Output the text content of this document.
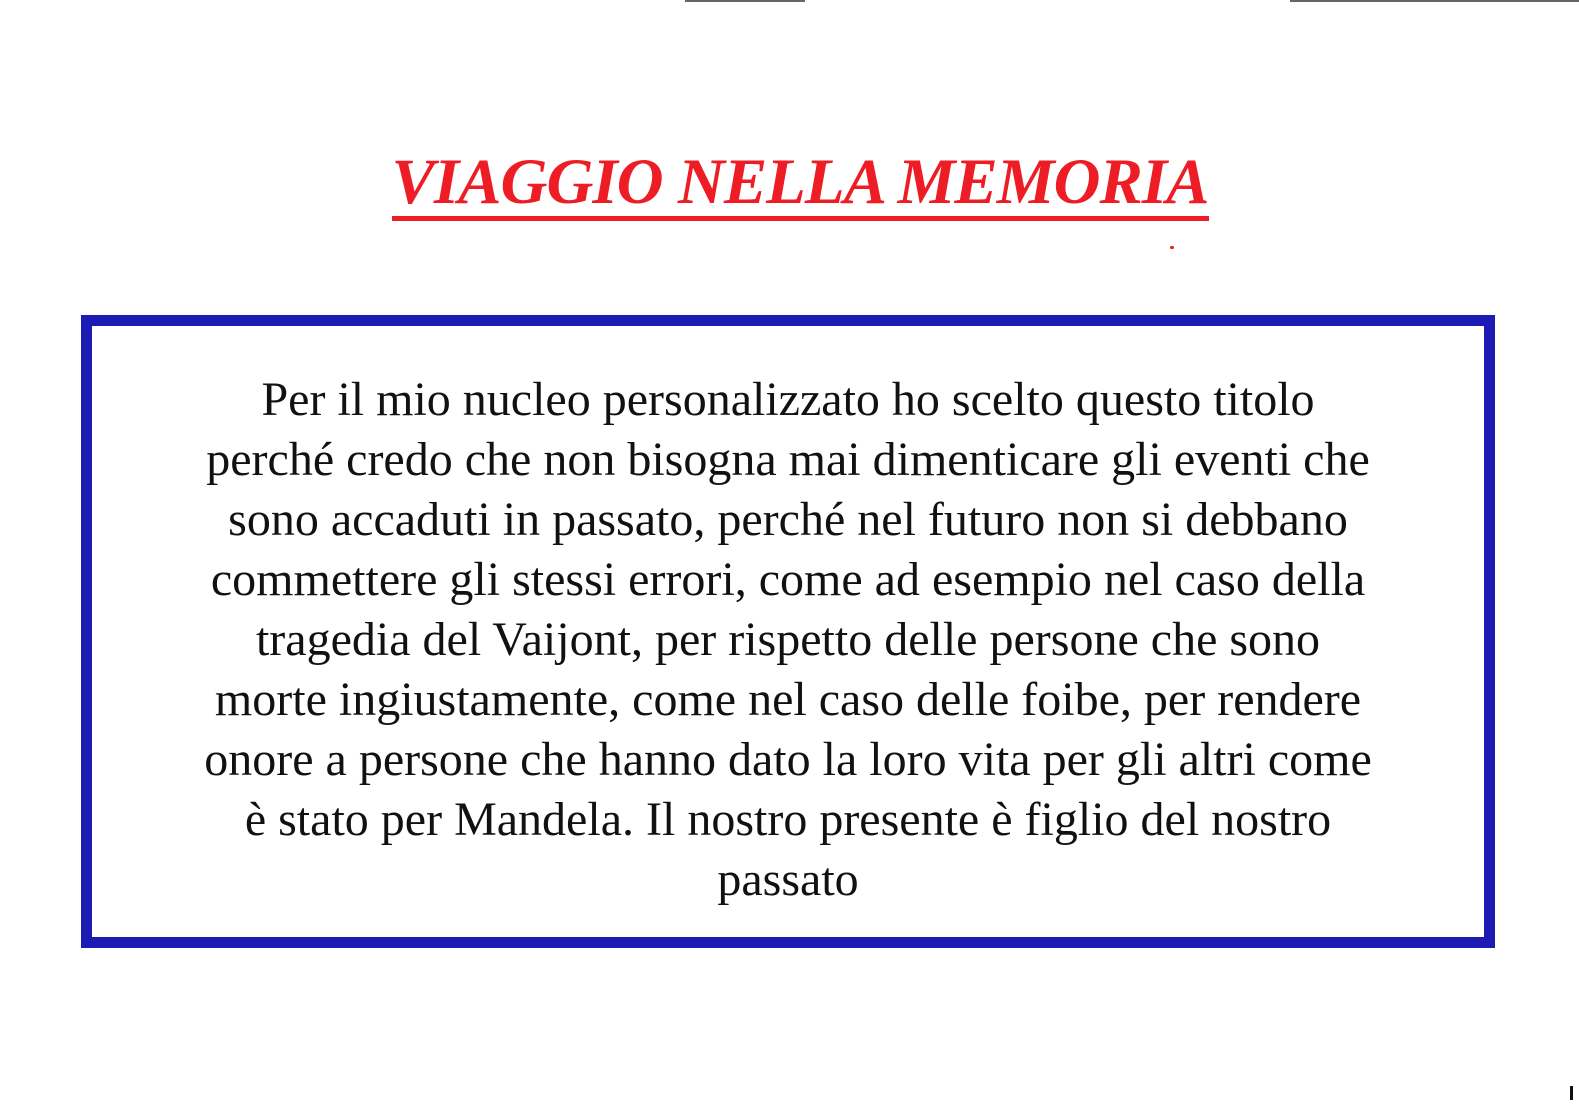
VIAGGIO NELLA MEMORIA
Per il mio nucleo personalizzato ho scelto questo titolo
perché credo che non bisogna mai dimenticare gli eventi che
sono accaduti in passato, perché nel futuro non si debbano
commettere gli stessi errori, come ad esempio nel caso della
tragedia del Vaijont, per rispetto delle persone che sono
morte ingiustamente, come nel caso delle foibe, per rendere
onore a persone che hanno dato la loro vita per gli altri come
è stato per Mandela. Il nostro presente è figlio del nostro
passato
